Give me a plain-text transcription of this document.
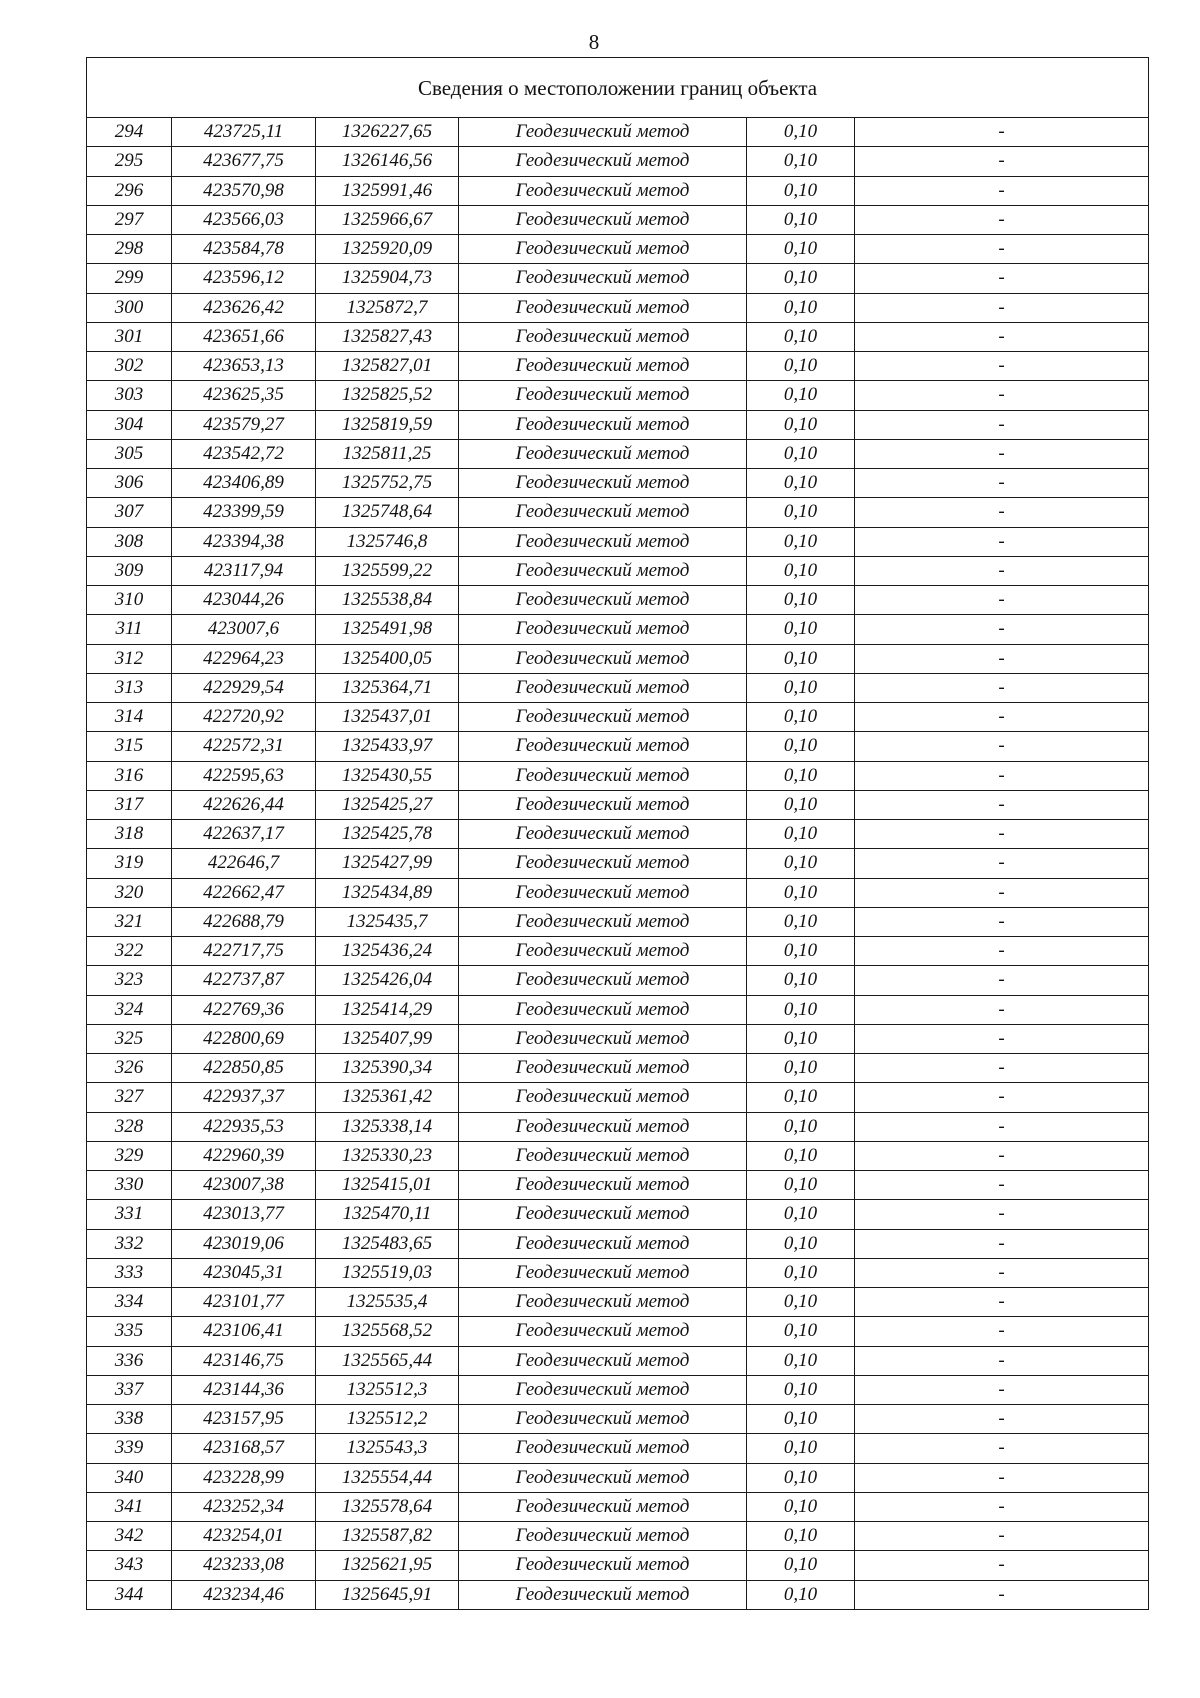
8
Сведения о местоположении границ объекта					
294	423725,11	1326227,65	Геодезический метод	0,10	-
295	423677,75	1326146,56	Геодезический метод	0,10	-
296	423570,98	1325991,46	Геодезический метод	0,10	-
297	423566,03	1325966,67	Геодезический метод	0,10	-
298	423584,78	1325920,09	Геодезический метод	0,10	-
299	423596,12	1325904,73	Геодезический метод	0,10	-
300	423626,42	1325872,7	Геодезический метод	0,10	-
301	423651,66	1325827,43	Геодезический метод	0,10	-
302	423653,13	1325827,01	Геодезический метод	0,10	-
303	423625,35	1325825,52	Геодезический метод	0,10	-
304	423579,27	1325819,59	Геодезический метод	0,10	-
305	423542,72	1325811,25	Геодезический метод	0,10	-
306	423406,89	1325752,75	Геодезический метод	0,10	-
307	423399,59	1325748,64	Геодезический метод	0,10	-
308	423394,38	1325746,8	Геодезический метод	0,10	-
309	423117,94	1325599,22	Геодезический метод	0,10	-
310	423044,26	1325538,84	Геодезический метод	0,10	-
311	423007,6	1325491,98	Геодезический метод	0,10	-
312	422964,23	1325400,05	Геодезический метод	0,10	-
313	422929,54	1325364,71	Геодезический метод	0,10	-
314	422720,92	1325437,01	Геодезический метод	0,10	-
315	422572,31	1325433,97	Геодезический метод	0,10	-
316	422595,63	1325430,55	Геодезический метод	0,10	-
317	422626,44	1325425,27	Геодезический метод	0,10	-
318	422637,17	1325425,78	Геодезический метод	0,10	-
319	422646,7	1325427,99	Геодезический метод	0,10	-
320	422662,47	1325434,89	Геодезический метод	0,10	-
321	422688,79	1325435,7	Геодезический метод	0,10	-
322	422717,75	1325436,24	Геодезический метод	0,10	-
323	422737,87	1325426,04	Геодезический метод	0,10	-
324	422769,36	1325414,29	Геодезический метод	0,10	-
325	422800,69	1325407,99	Геодезический метод	0,10	-
326	422850,85	1325390,34	Геодезический метод	0,10	-
327	422937,37	1325361,42	Геодезический метод	0,10	-
328	422935,53	1325338,14	Геодезический метод	0,10	-
329	422960,39	1325330,23	Геодезический метод	0,10	-
330	423007,38	1325415,01	Геодезический метод	0,10	-
331	423013,77	1325470,11	Геодезический метод	0,10	-
332	423019,06	1325483,65	Геодезический метод	0,10	-
333	423045,31	1325519,03	Геодезический метод	0,10	-
334	423101,77	1325535,4	Геодезический метод	0,10	-
335	423106,41	1325568,52	Геодезический метод	0,10	-
336	423146,75	1325565,44	Геодезический метод	0,10	-
337	423144,36	1325512,3	Геодезический метод	0,10	-
338	423157,95	1325512,2	Геодезический метод	0,10	-
339	423168,57	1325543,3	Геодезический метод	0,10	-
340	423228,99	1325554,44	Геодезический метод	0,10	-
341	423252,34	1325578,64	Геодезический метод	0,10	-
342	423254,01	1325587,82	Геодезический метод	0,10	-
343	423233,08	1325621,95	Геодезический метод	0,10	-
344	423234,46	1325645,91	Геодезический метод	0,10	-
